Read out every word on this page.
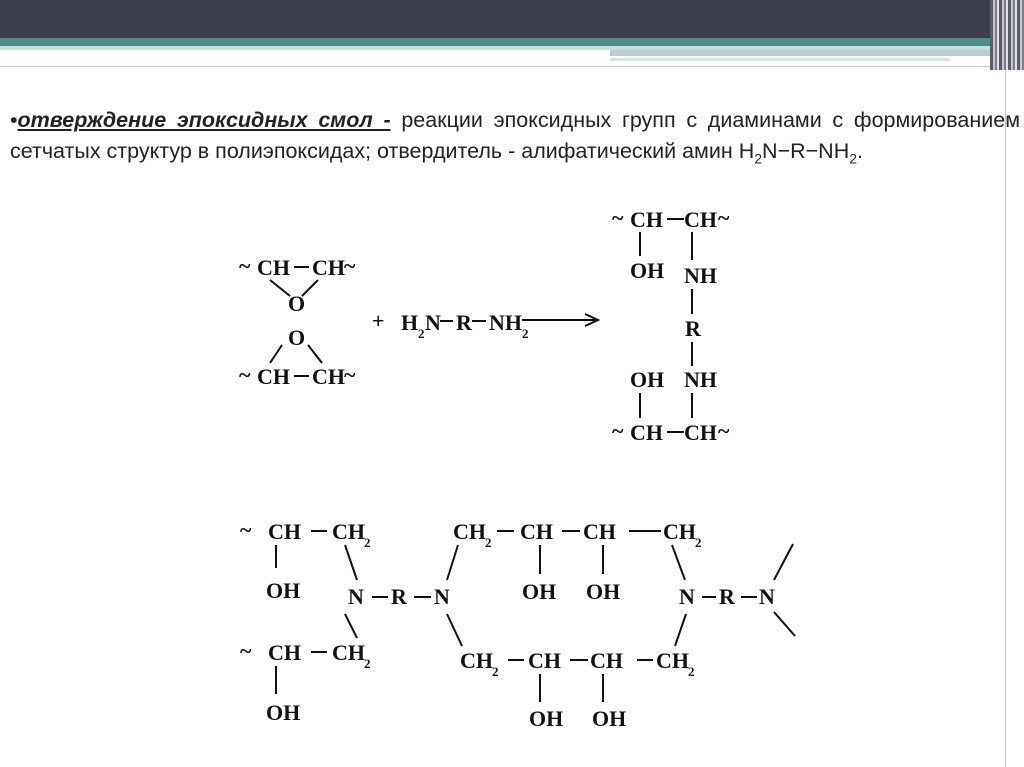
•отверждение эпоксидных смол - реакции эпоксидных групп с диаминами с формированием сетчатых структур в полиэпоксидах; отвердитель - алифатический амин $H_2N-R-NH_2$.
~ CH CH ~
O
O
~ CH CH ~
+ H 2 N R NH 2
~ CH CH ~
OH NH
R
OH NH
~ CH CH ~
~ CH CH 2
OH N R N
CH 2 CH CH CH 2
OH OH	N R N
~ CH CH 2
OH
CH 2 CH CH CH 2
OH OH
